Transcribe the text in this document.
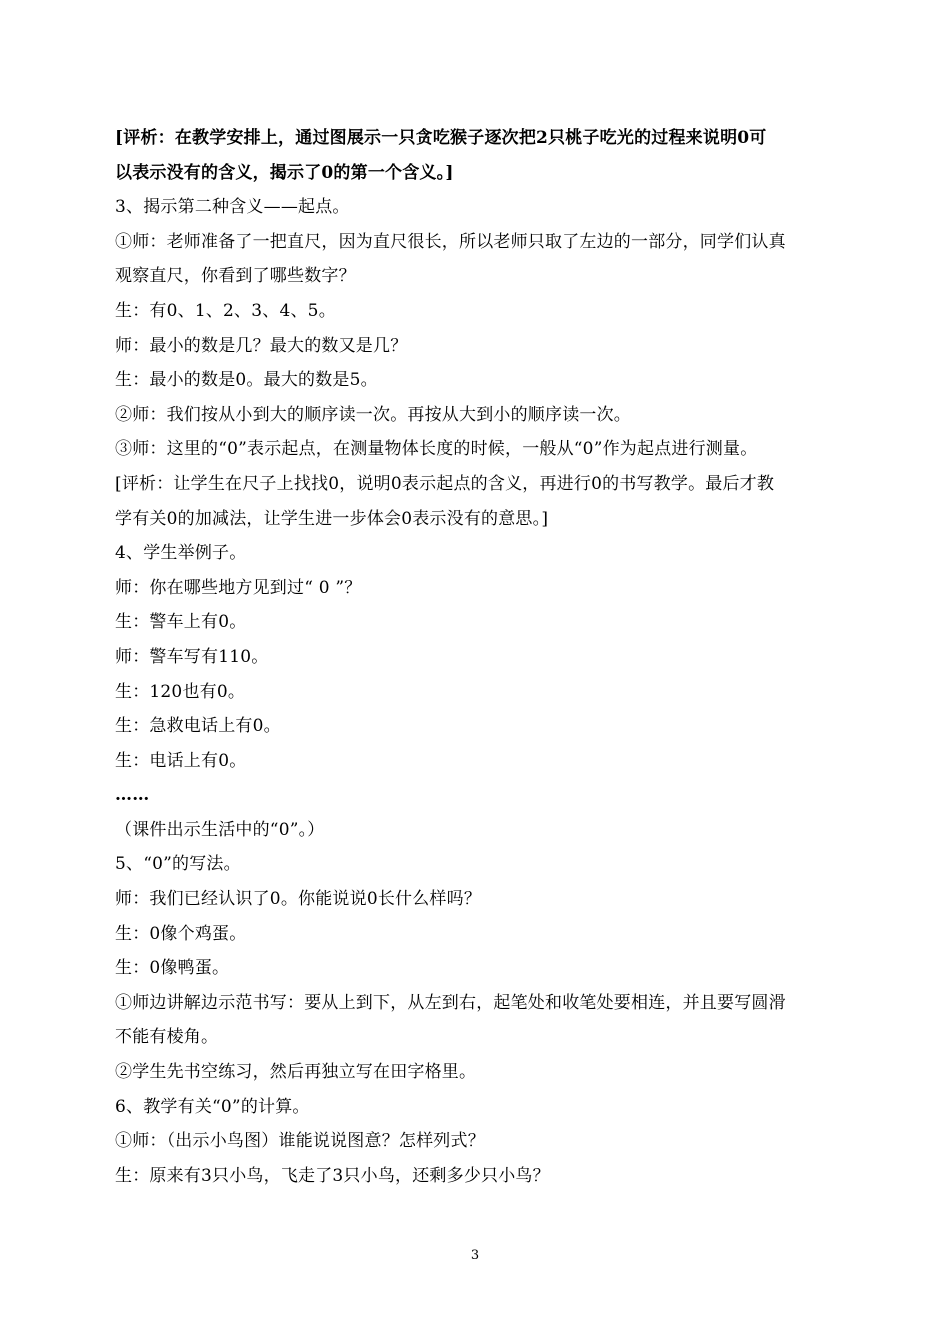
[评析：在教学安排上，通过图展示一只贪吃猴子逐次把2只桃子吃光的过程来说明0可
以表示没有的含义，揭示了0的第一个含义。]
3、揭示第二种含义——起点。
①师：老师准备了一把直尺，因为直尺很长，所以老师只取了左边的一部分，同学们认真
观察直尺，你看到了哪些数字？
生：有0、1、2、3、4、5。
师：最小的数是几？最大的数又是几？
生：最小的数是0。最大的数是5。
②师：我们按从小到大的顺序读一次。再按从大到小的顺序读一次。
③师：这里的“0”表示起点，在测量物体长度的时候，一般从“0”作为起点进行测量。
[评析：让学生在尺子上找找0，说明0表示起点的含义，再进行0的书写教学。最后才教
学有关0的加减法，让学生进一步体会0表示没有的意思。]
4、学生举例子。
师：你在哪些地方见到过“ 0 ”？
生：警车上有0。
师：警车写有110。
生：120也有0。
生：急救电话上有0。
生：电话上有0。
……
（课件出示生活中的“0”。）
5、“0”的写法。
师：我们已经认识了0。你能说说0长什么样吗？
生：0像个鸡蛋。
生：0像鸭蛋。
①师边讲解边示范书写：要从上到下，从左到右，起笔处和收笔处要相连，并且要写圆滑
不能有棱角。
②学生先书空练习，然后再独立写在田字格里。
6、教学有关“0”的计算。
①师：（出示小鸟图）谁能说说图意？怎样列式？
生：原来有3只小鸟，飞走了3只小鸟，还剩多少只小鸟？
3
